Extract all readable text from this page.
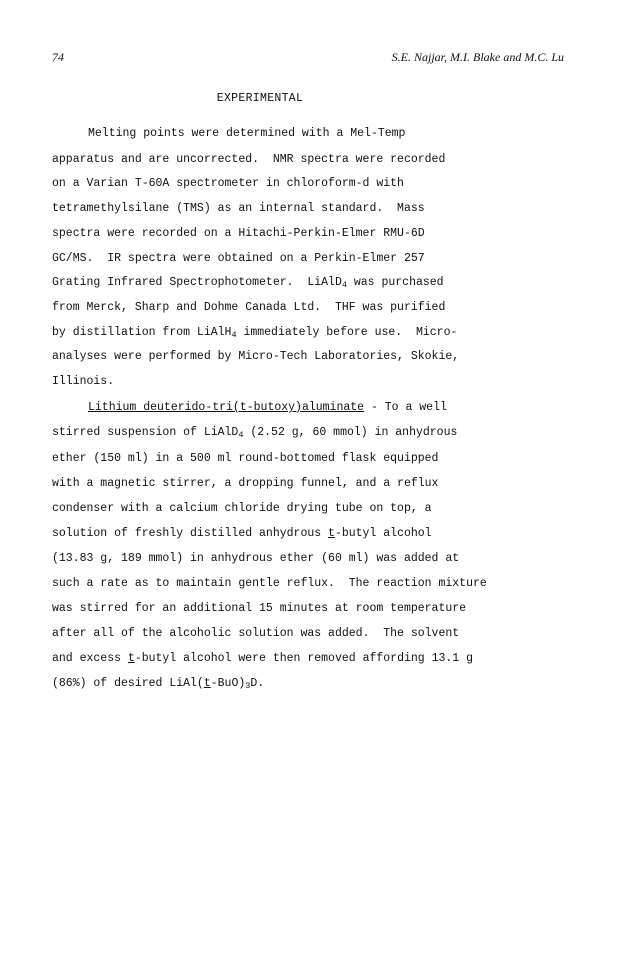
74	S.E. Najjar, M.I. Blake and M.C. Lu
EXPERIMENTAL
Melting points were determined with a Mel-Temp
apparatus and are uncorrected.  NMR spectra were recorded
on a Varian T-60A spectrometer in chloroform-d with
tetramethylsilane (TMS) as an internal standard.  Mass
spectra were recorded on a Hitachi-Perkin-Elmer RMU-6D
GC/MS.  IR spectra were obtained on a Perkin-Elmer 257
Grating Infrared Spectrophotometer.  LiAlD$_4$ was purchased
from Merck, Sharp and Dohme Canada Ltd.  THF was purified
by distillation from LiAlH$_4$ immediately before use.  Micro-
analyses were performed by Micro-Tech Laboratories, Skokie,
Illinois.
Lithium deuterido-tri(t-butoxy)aluminate - To a well
stirred suspension of LiAlD$_4$ (2.52 g, 60 mmol) in anhydrous
ether (150 ml) in a 500 ml round-bottomed flask equipped
with a magnetic stirrer, a dropping funnel, and a reflux
condenser with a calcium chloride drying tube on top, a
solution of freshly distilled anhydrous t-butyl alcohol
(13.83 g, 189 mmol) in anhydrous ether (60 ml) was added at
such a rate as to maintain gentle reflux.  The reaction mixture
was stirred for an additional 15 minutes at room temperature
after all of the alcoholic solution was added.  The solvent
and excess t-butyl alcohol were then removed affording 13.1 g
(86%) of desired $LiAl(t-BuO)_3D$.
